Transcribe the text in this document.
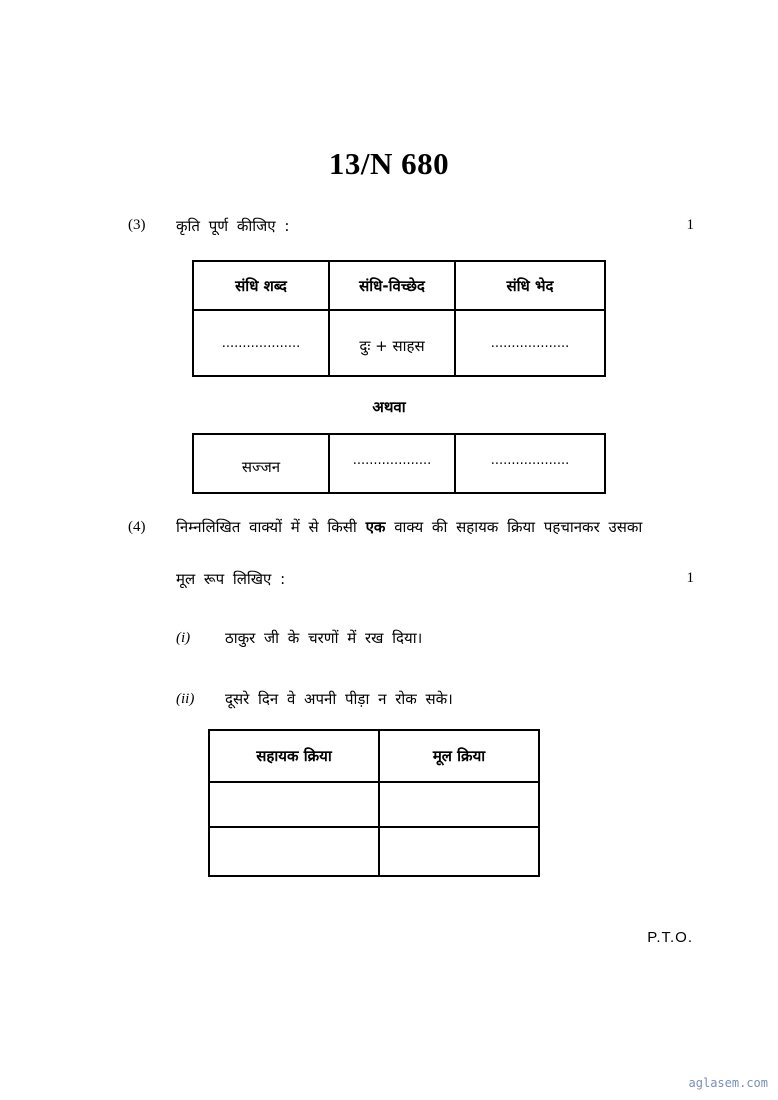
13/N 680
(3) कृति पूर्ण कीजिए :	1
संधि शब्द	संधि-विच्छेद	संधि भेद
...................	दुः + साहस	...................
अथवा
सज्जन	...................	...................
(4) निम्नलिखित वाक्यों में से किसी एक वाक्य की सहायक क्रिया पहचानकर उसका
मूल रूप लिखिए :	1
(i) ठाकुर जी के चरणों में रख दिया।
(ii) दूसरे दिन वे अपनी पीड़ा न रोक सके।
सहायक क्रिया	मूल क्रिया

P.T.O.
aglasem.com
